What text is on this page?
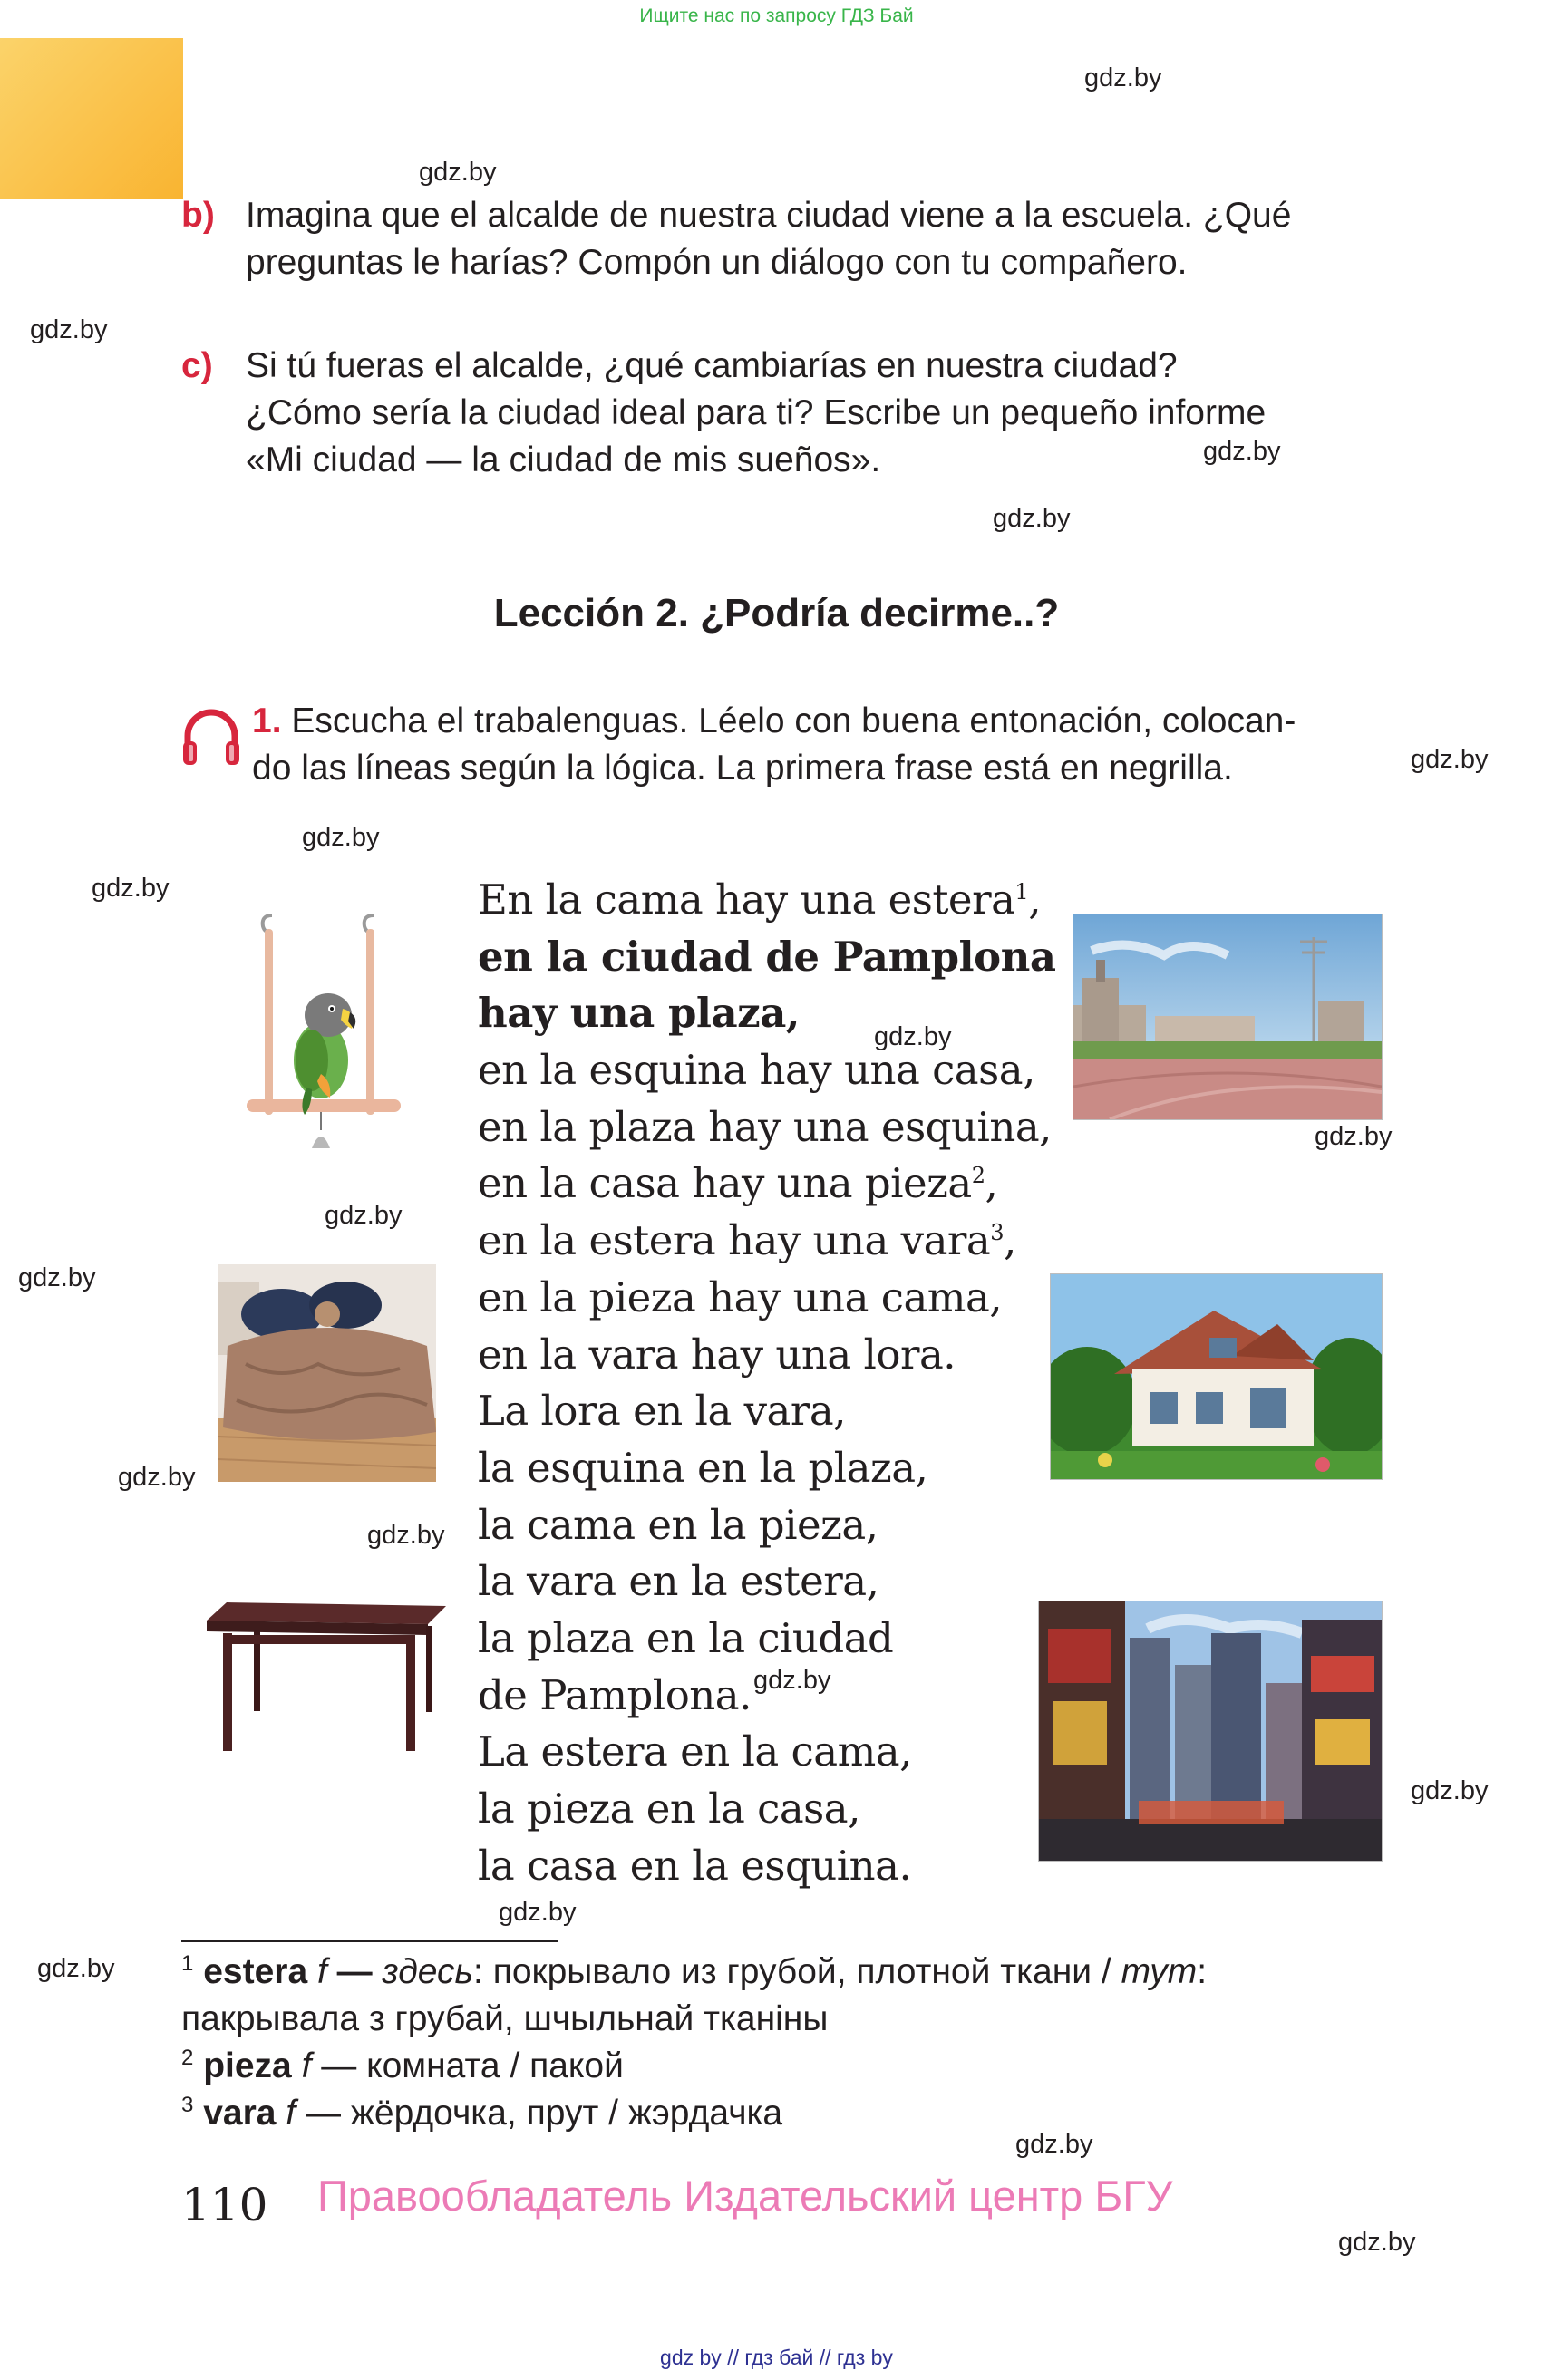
Ищите нас по запросу ГДЗ Бай
gdz.by
gdz.by
gdz.by
gdz.by
gdz.by
gdz.by
gdz.by
gdz.by
gdz.by
gdz.by
gdz.by
gdz.by
gdz.by
gdz.by
gdz.by
gdz.by
gdz.by
gdz.by
gdz.by
gdz.by
b) Imagina que el alcalde de nuestra ciudad viene a la escuela. ¿Qué
preguntas le harías? Compón un diálogo con tu compañero.
c) Si tú fueras el alcalde, ¿qué cambiarías en nuestra ciudad?
¿Cómo sería la ciudad ideal para ti? Escribe un pequeño informe
«Mi ciudad — la ciudad de mis sueños».
Lección 2. ¿Podría decirme..?
1. Escucha el trabalenguas. Léelo con buena entonación, colocan-
do las líneas según la lógica. La primera frase está en negrilla.
En la cama hay una estera$^1$,
en la ciudad de Pamplona
hay una plaza,
en la esquina hay una casa,
en la plaza hay una esquina,
en la casa hay una pieza$^2$,
en la estera hay una vara$^3$,
en la pieza hay una cama,
en la vara hay una lora.
La lora en la vara,
la esquina en la plaza,
la cama en la pieza,
la vara en la estera,
la plaza en la ciudad
de Pamplona.
La estera en la cama,
la pieza en la casa,
la casa en la esquina.
$^1$ estera f — здесь: покрывало из грубой, плотной ткани / тут:
пакрывала з грубай, шчыльнай тканіны
$^2$ pieza f — комната / пакой
$^3$ vara f — жёрдочка, прут / жэрдачка
110 Правообладатель Издательский центр БГУ
gdz by // гдз бай // гдз by
